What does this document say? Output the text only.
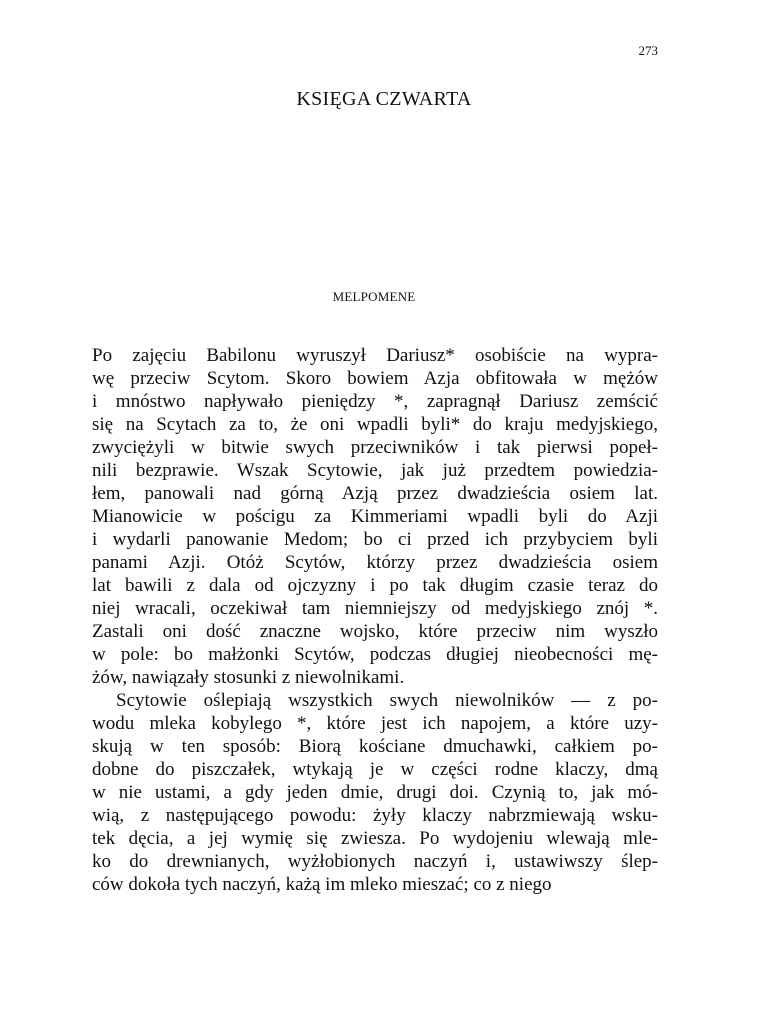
273
KSIĘGA CZWARTA
MELPOMENE
Po zajęciu Babilonu wyruszył Dariusz* osobiście na wypra-
wę przeciw Scytom. Skoro bowiem Azja obfitowała w mężów
i mnóstwo napływało pieniędzy *, zapragnął Dariusz zemścić
się na Scytach za to, że oni wpadli byli* do kraju medyjskiego,
zwyciężyli w bitwie swych przeciwników i tak pierwsi popeł-
nili bezprawie. Wszak Scytowie, jak już przedtem powiedzia-
łem, panowali nad górną Azją przez dwadzieścia osiem lat.
Mianowicie w pościgu za Kimmeriami wpadli byli do Azji
i wydarli panowanie Medom; bo ci przed ich przybyciem byli
panami Azji. Otóż Scytów, którzy przez dwadzieścia osiem
lat bawili z dala od ojczyzny i po tak długim czasie teraz do
niej wracali, oczekiwał tam niemniejszy od medyjskiego znój *.
Zastali oni dość znaczne wojsko, które przeciw nim wyszło
w pole: bo małżonki Scytów, podczas długiej nieobecności mę-
żów, nawiązały stosunki z niewolnikami.
Scytowie oślepiają wszystkich swych niewolników — z po-
wodu mleka kobylego *, które jest ich napojem, a które uzy-
skują w ten sposób: Biorą kościane dmuchawki, całkiem po-
dobne do piszczałek, wtykają je w części rodne klaczy, dmą
w nie ustami, a gdy jeden dmie, drugi doi. Czynią to, jak mó-
wią, z następującego powodu: żyły klaczy nabrzmiewają wsku-
tek dęcia, a jej wymię się zwiesza. Po wydojeniu wlewają mle-
ko do drewnianych, wyżłobionych naczyń i, ustawiwszy ślep-
ców dokoła tych naczyń, każą im mleko mieszać; co z niego
